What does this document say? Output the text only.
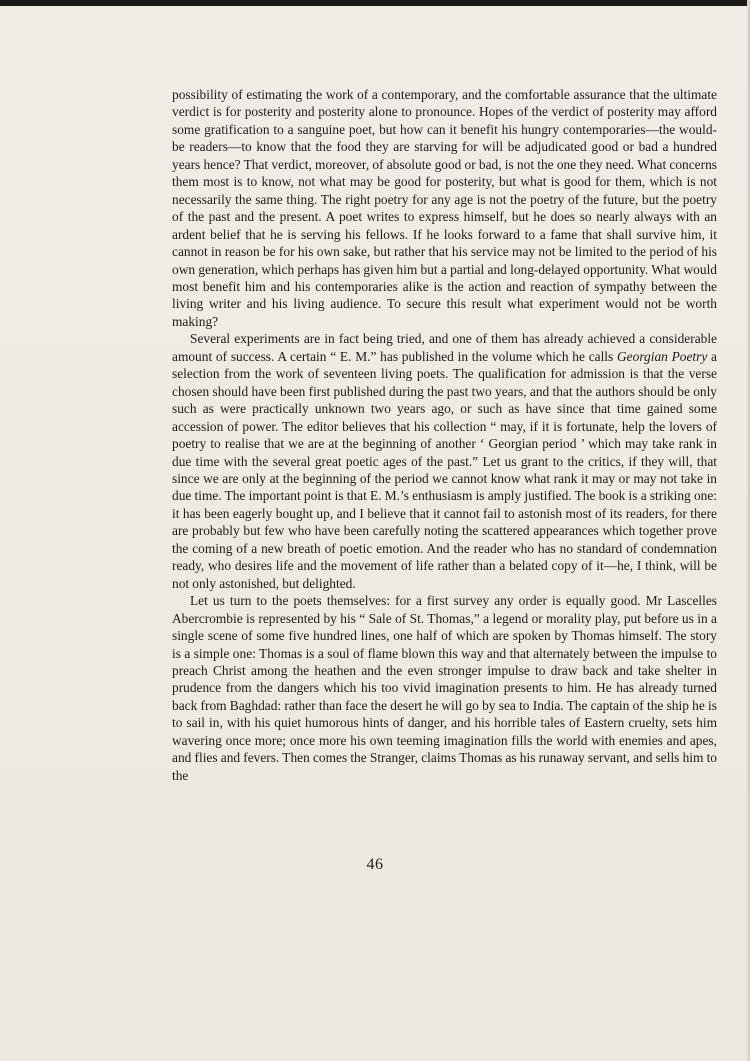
possibility of estimating the work of a contemporary, and the comfortable assurance that the ultimate verdict is for posterity and posterity alone to pronounce. Hopes of the verdict of posterity may afford some gratification to a sanguine poet, but how can it benefit his hungry contemporaries—the would-be readers—to know that the food they are starving for will be adjudicated good or bad a hundred years hence? That verdict, moreover, of absolute good or bad, is not the one they need. What concerns them most is to know, not what may be good for posterity, but what is good for them, which is not necessarily the same thing. The right poetry for any age is not the poetry of the future, but the poetry of the past and the present. A poet writes to express himself, but he does so nearly always with an ardent belief that he is serving his fellows. If he looks forward to a fame that shall survive him, it cannot in reason be for his own sake, but rather that his service may not be limited to the period of his own generation, which perhaps has given him but a partial and long-delayed opportunity. What would most benefit him and his contemporaries alike is the action and reaction of sympathy between the living writer and his living audience. To secure this result what experiment would not be worth making?

Several experiments are in fact being tried, and one of them has already achieved a considerable amount of success. A certain “ E. M.” has published in the volume which he calls Georgian Poetry a selection from the work of seventeen living poets. The qualification for admission is that the verse chosen should have been first published during the past two years, and that the authors should be only such as were practically unknown two years ago, or such as have since that time gained some accession of power. The editor believes that his collection “ may, if it is fortunate, help the lovers of poetry to realise that we are at the beginning of another ‘ Georgian period ’ which may take rank in due time with the several great poetic ages of the past.” Let us grant to the critics, if they will, that since we are only at the beginning of the period we cannot know what rank it may or may not take in due time. The important point is that E. M.’s enthusiasm is amply justified. The book is a striking one: it has been eagerly bought up, and I believe that it cannot fail to astonish most of its readers, for there are probably but few who have been carefully noting the scattered appearances which together prove the coming of a new breath of poetic emotion. And the reader who has no standard of condemnation ready, who desires life and the movement of life rather than a belated copy of it—he, I think, will be not only astonished, but delighted.

Let us turn to the poets themselves: for a first survey any order is equally good. Mr Lascelles Abercrombie is represented by his “ Sale of St. Thomas,” a legend or morality play, put before us in a single scene of some five hundred lines, one half of which are spoken by Thomas himself. The story is a simple one: Thomas is a soul of flame blown this way and that alternately between the impulse to preach Christ among the heathen and the even stronger impulse to draw back and take shelter in prudence from the dangers which his too vivid imagination presents to him. He has already turned back from Baghdad: rather than face the desert he will go by sea to India. The captain of the ship he is to sail in, with his quiet humorous hints of danger, and his horrible tales of Eastern cruelty, sets him wavering once more; once more his own teeming imagination fills the world with enemies and apes, and flies and fevers. Then comes the Stranger, claims Thomas as his runaway servant, and sells him to the

46
